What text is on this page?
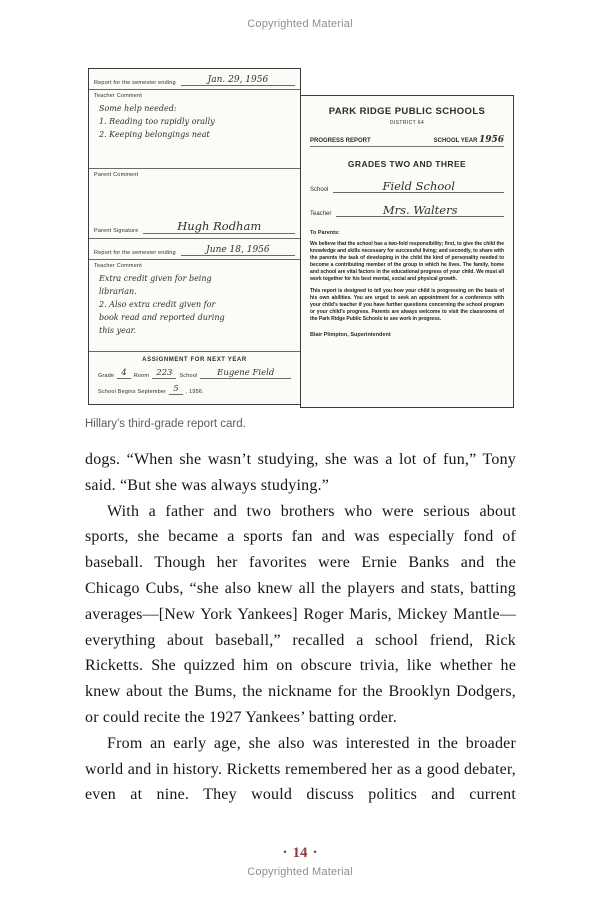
Copyrighted Material
Report for the semester ending	Jan. 29, 1956
Teacher Comment
Some help needed:
1. Reading too rapidly orally
2. Keeping belongings neat
Parent Comment
Parent Signature	Hugh Rodham
Report for the semester ending	June 18, 1956
Teacher Comment
Extra credit given for being
librarian.
2. Also extra credit given for
book read and reported during
this year.
ASSIGNMENT FOR NEXT YEAR
Grade 4	Room 223	School	Eugene Field
School Begins September 5	, 1956.
PARK RIDGE PUBLIC SCHOOLS
DISTRICT 64
PROGRESS REPORT	SCHOOL YEAR 1956
GRADES TWO AND THREE
School	Field School
Teacher	Mrs. Walters
To Parents:

We believe that the school has a two-fold responsibility; first, to give the child the knowledge and skills necessary for successful living; and secondly, to share with the parents the task of developing in the child the kind of personality needed to become a contributing member of the group in which he lives. The family, home and school are vital factors in the educational progress of your child. We must all work together for his best mental, social and physical growth.

This report is designed to tell you how your child is progressing on the basis of his own abilities. You are urged to seek an appointment for a conference with your child’s teacher if you have further questions concerning the school program or your child’s progress. Parents are always welcome to visit the classrooms of the Park Ridge Public Schools to see work in progress.

Blair Plimpton, Superintendent
Hillary’s third-grade report card.

dogs. “When she wasn’t studying, she was a lot of fun,” Tony said. “But she was always studying.”

With a father and two brothers who were serious about sports, she became a sports fan and was especially fond of baseball. Though her favorites were Ernie Banks and the Chicago Cubs, “she also knew all the players and stats, batting averages—[New York Yankees] Roger Maris, Mickey Mantle—everything about baseball,” recalled a school friend, Rick Ricketts. She quizzed him on obscure trivia, like whether he knew about the Bums, the nickname for the Brooklyn Dodgers, or could recite the 1927 Yankees’ batting order.

From an early age, she also was interested in the broader world and in history. Ricketts remembered her as a good debater, even at nine. They would discuss politics and current

• 14 •
Copyrighted Material
